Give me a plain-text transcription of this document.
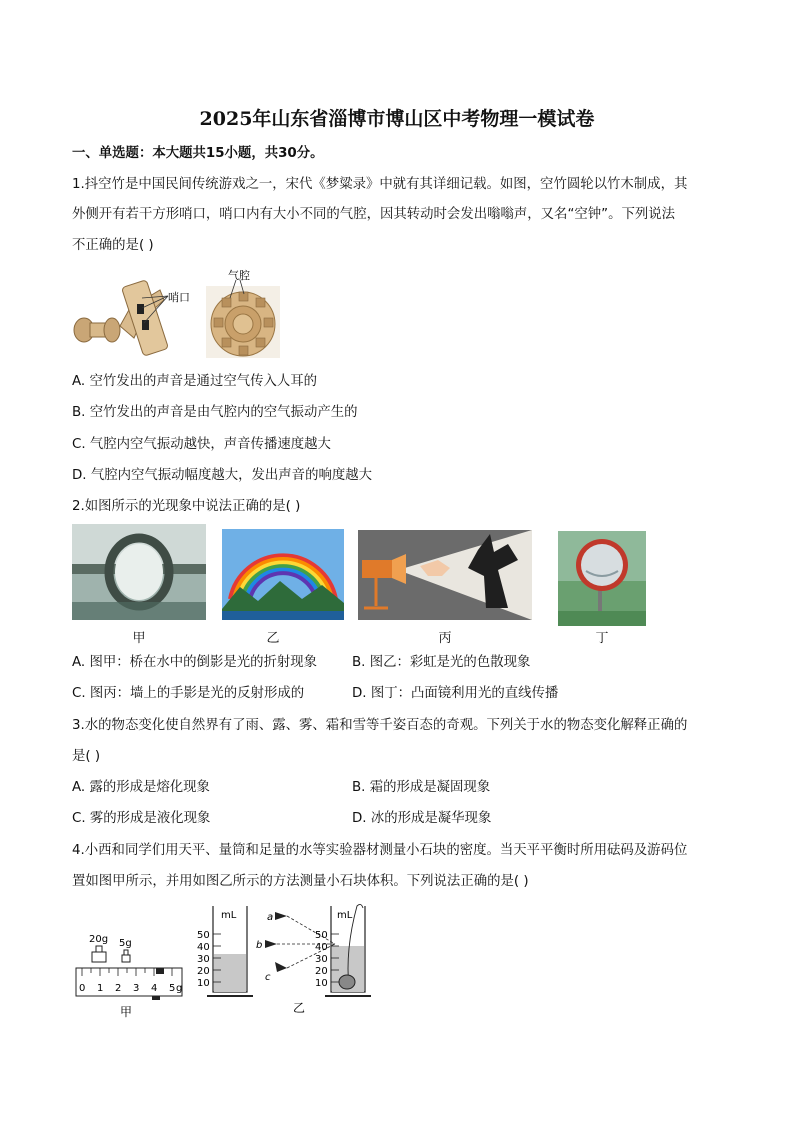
2025年山东省淄博市博山区中考物理一模试卷
一、单选题：本大题共15小题，共30分。
1.抖空竹是中国民间传统游戏之一，宋代《梦粱录》中就有其详细记载。如图，空竹圆轮以竹木制成，其
外侧开有若干方形哨口，哨口内有大小不同的气腔，因其转动时会发出嗡嗡声，又名“空钟”。下列说法
不正确的是( )
哨口
气腔
A. 空竹发出的声音是通过空气传入人耳的
B. 空竹发出的声音是由气腔内的空气振动产生的
C. 气腔内空气振动越快，声音传播速度越大
D. 气腔内空气振动幅度越大，发出声音的响度越大
2.如图所示的光现象中说法正确的是( )
甲	乙	丙	丁
A. 图甲：桥在水中的倒影是光的折射现象	B. 图乙：彩虹是光的色散现象
C. 图丙：墙上的手影是光的反射形成的	D. 图丁：凸面镜利用光的直线传播
3.水的物态变化使自然界有了雨、露、雾、霜和雪等千姿百态的奇观。下列关于水的物态变化解释正确的
是( )
A. 露的形成是熔化现象	B. 霜的形成是凝固现象
C. 雾的形成是液化现象	D. 冰的形成是凝华现象
4.小西和同学们用天平、量筒和足量的水等实验器材测量小石块的密度。当天平平衡时所用砝码及游码位
置如图甲所示，并用如图乙所示的方法测量小石块体积。下列说法正确的是( )
20g 5g
0 1 2 3 4 5 g
甲
mL
50
40
30
20
10
a
b
c
mL
50
40
30
20
10
乙
